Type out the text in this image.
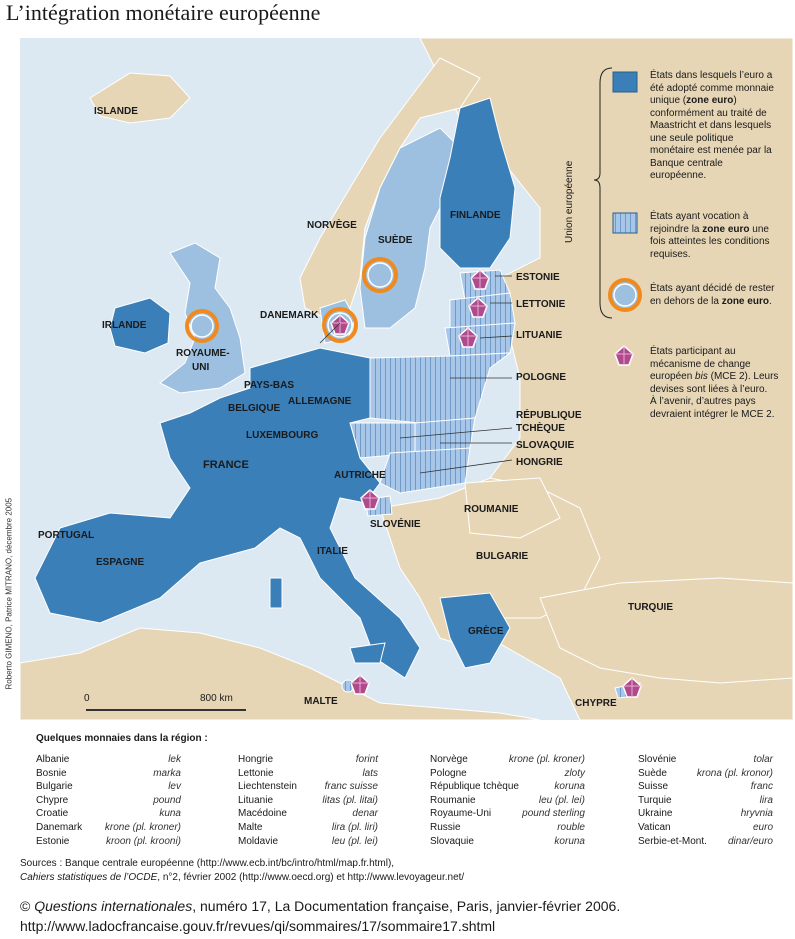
L’intégration monétaire européenne
Roberto GIMENO, Patrice MITRANO, décembre 2005
0	800 km
ISLANDE
NORVÈGE
SUÈDE
FINLANDE
ESTONIE
LETTONIE
LITUANIE
DANEMARK
IRLANDE
ROYAUME-
UNI
PAYS-BAS
BELGIQUE
LUXEMBOURG
ALLEMAGNE
POLOGNE
RÉPUBLIQUE
TCHÈQUE
SLOVAQUIE
HONGRIE
AUTRICHE
SLOVÉNIE
FRANCE
PORTUGAL
ESPAGNE
ITALIE
ROUMANIE
BULGARIE
GRÈCE
TURQUIE
MALTE	CHYPRE
Union européenne
États dans lesquels l’euro a
été adopté comme monnaie
unique (zone euro)
conformément au traité de
Maastricht et dans lesquels
une seule politique
monétaire est menée par la
Banque centrale
européenne.
États ayant vocation à
rejoindre la zone euro une
fois atteintes les conditions
requises.
États ayant décidé de rester
en dehors de la zone euro.
États participant au
mécanisme de change
européen bis (MCE 2). Leurs
devises sont liées à l’euro.
À l’avenir, d’autres pays
devraient intégrer le MCE 2.
Quelques monnaies dans la région :
Albanie	lek
Bosnie	marka
Bulgarie	lev
Chypre	pound
Croatie	kuna
Danemark krone (pl. kroner)
Estonie	kroon (pl. krooni)
Hongrie	forint
Lettonie	lats
Liechtenstein	franc suisse
Lituanie	litas (pl. litai)
Macédoine	denar
Malte	lira (pl. liri)
Moldavie	leu (pl. lei)
Norvège	krone (pl. kroner)
Pologne	zloty
République tchèque	koruna
Roumanie	leu (pl. lei)
Royaume-Uni	pound sterling
Russie	rouble
Slovaquie	koruna
Slovénie	tolar
Suède	krona (pl. kronor)
Suisse	franc
Turquie	lira
Ukraine	hryvnia
Vatican	euro
Serbie-et-Mont. dinar/euro
Sources : Banque centrale européenne (http://www.ecb.int/bc/intro/html/map.fr.html),
Cahiers statistiques de l’OCDE, n°2, février 2002 (http://www.oecd.org) et http://www.levoyageur.net/
© Questions internationales, numéro 17, La Documentation française, Paris, janvier-février 2006.
http://www.ladocfrancaise.gouv.fr/revues/qi/sommaires/17/sommaire17.shtml
